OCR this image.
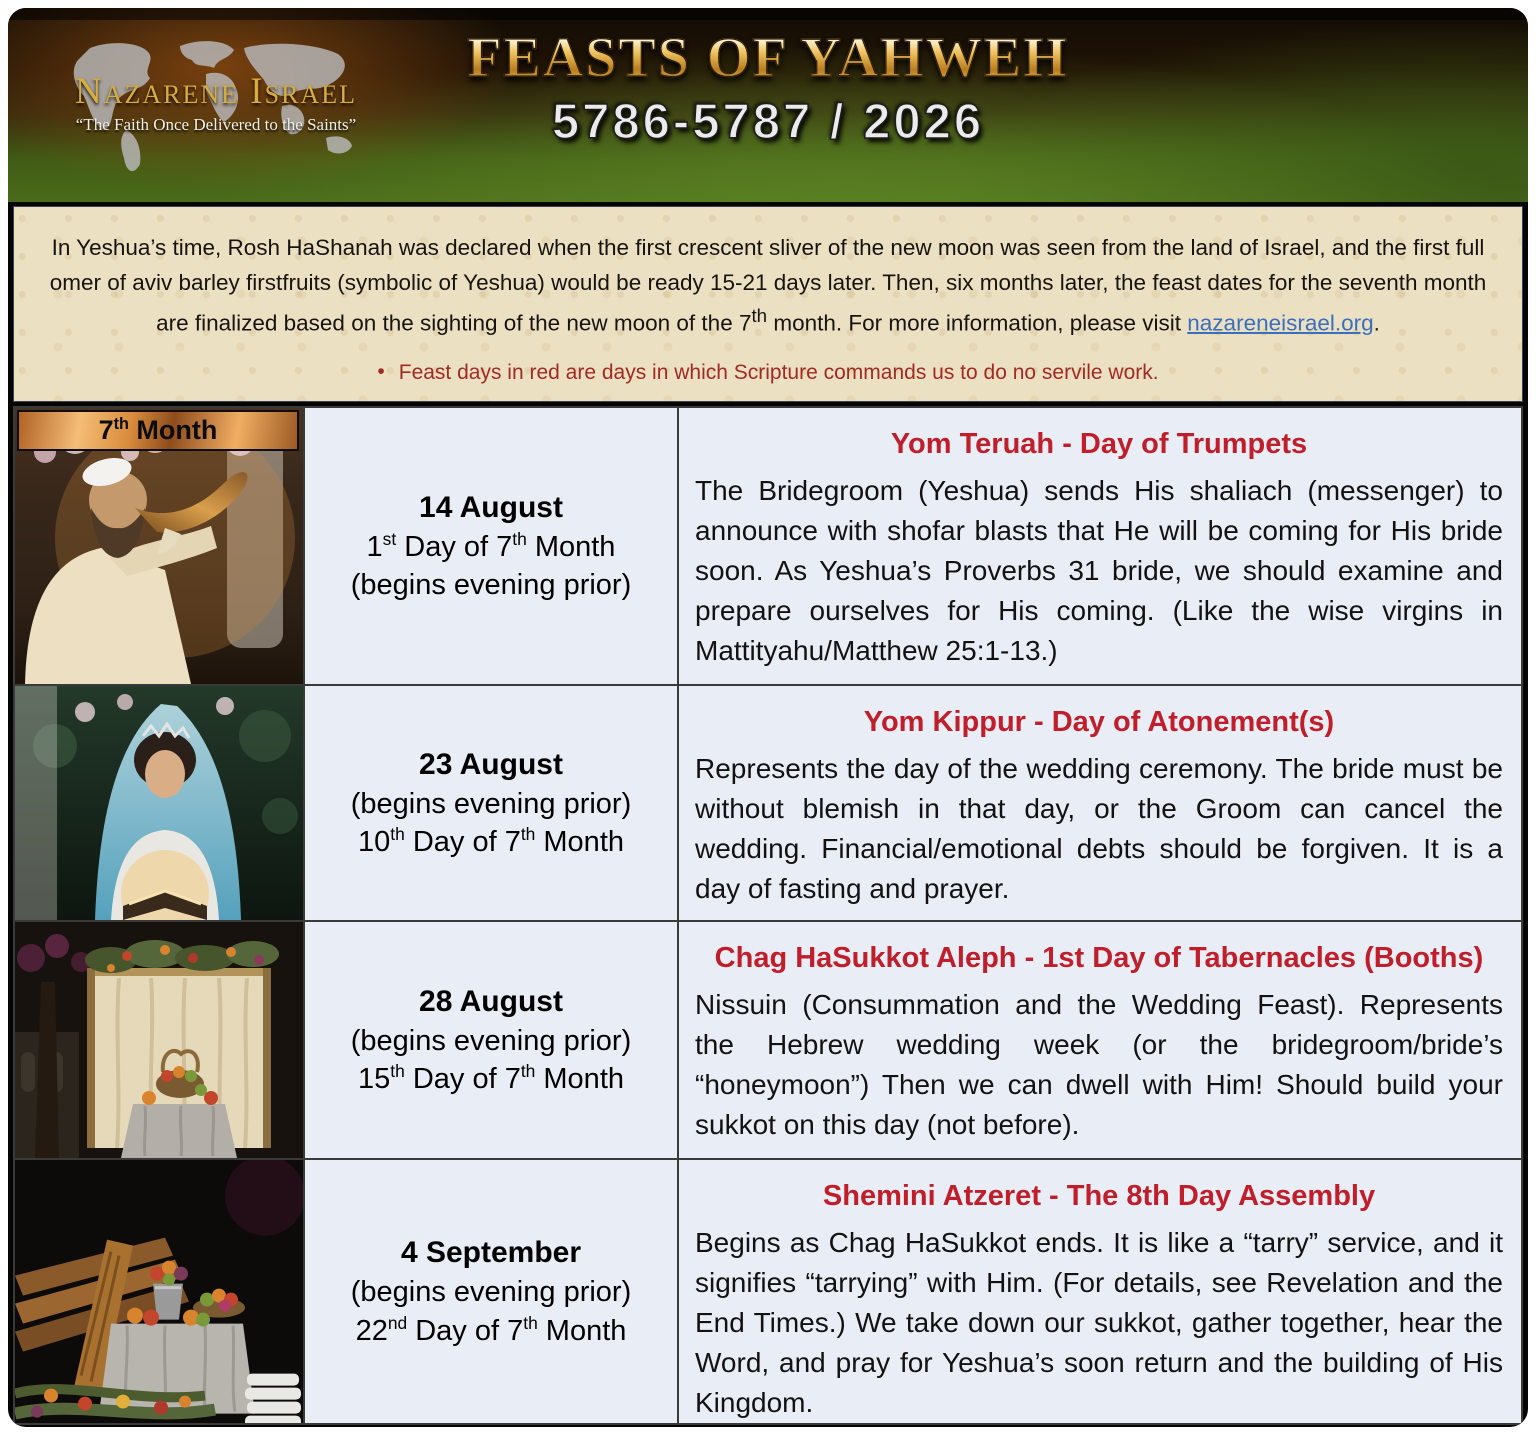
Nazarene Israel
“The Faith Once Delivered to the Saints”
FEASTS OF YAHWEH
5786-5787 / 2026
In Yeshua’s time, Rosh HaShanah was declared when the first crescent sliver of the new moon was seen from the land of Israel, and the first full omer of aviv barley firstfruits (symbolic of Yeshua) would be ready 15-21 days later. Then, six months later, the feast dates for the seventh month are finalized based on the sighting of the new moon of the 7th month. For more information, please visit nazareneisrael.org.
• Feast days in red are days in which Scripture commands us to do no servile work.
7th Month
14 August
1st Day of 7th Month
(begins evening prior)
Yom Teruah - Day of Trumpets
The Bridegroom (Yeshua) sends His shaliach (messenger) to announce with shofar blasts that He will be coming for His bride soon. As Yeshua’s Proverbs 31 bride, we should examine and prepare ourselves for His coming. (Like the wise virgins in Mattityahu/Matthew 25:1-13.)
23 August
(begins evening prior)
10th Day of 7th Month
Yom Kippur - Day of Atonement(s)
Represents the day of the wedding ceremony. The bride must be without blemish in that day, or the Groom can cancel the wedding. Financial/emotional debts should be forgiven. It is a day of fasting and prayer.
28 August
(begins evening prior)
15th Day of 7th Month
Chag HaSukkot Aleph - 1st Day of Tabernacles (Booths)
Nissuin (Consummation and the Wedding Feast). Represents the Hebrew wedding week (or the bridegroom/bride’s “honeymoon”) Then we can dwell with Him! Should build your sukkot on this day (not before).
4 September
(begins evening prior)
22nd Day of 7th Month
Shemini Atzeret - The 8th Day Assembly
Begins as Chag HaSukkot ends. It is like a “tarry” service, and it signifies “tarrying” with Him. (For details, see Revelation and the End Times.) We take down our sukkot, gather together, hear the Word, and pray for Yeshua’s soon return and the building of His Kingdom.
